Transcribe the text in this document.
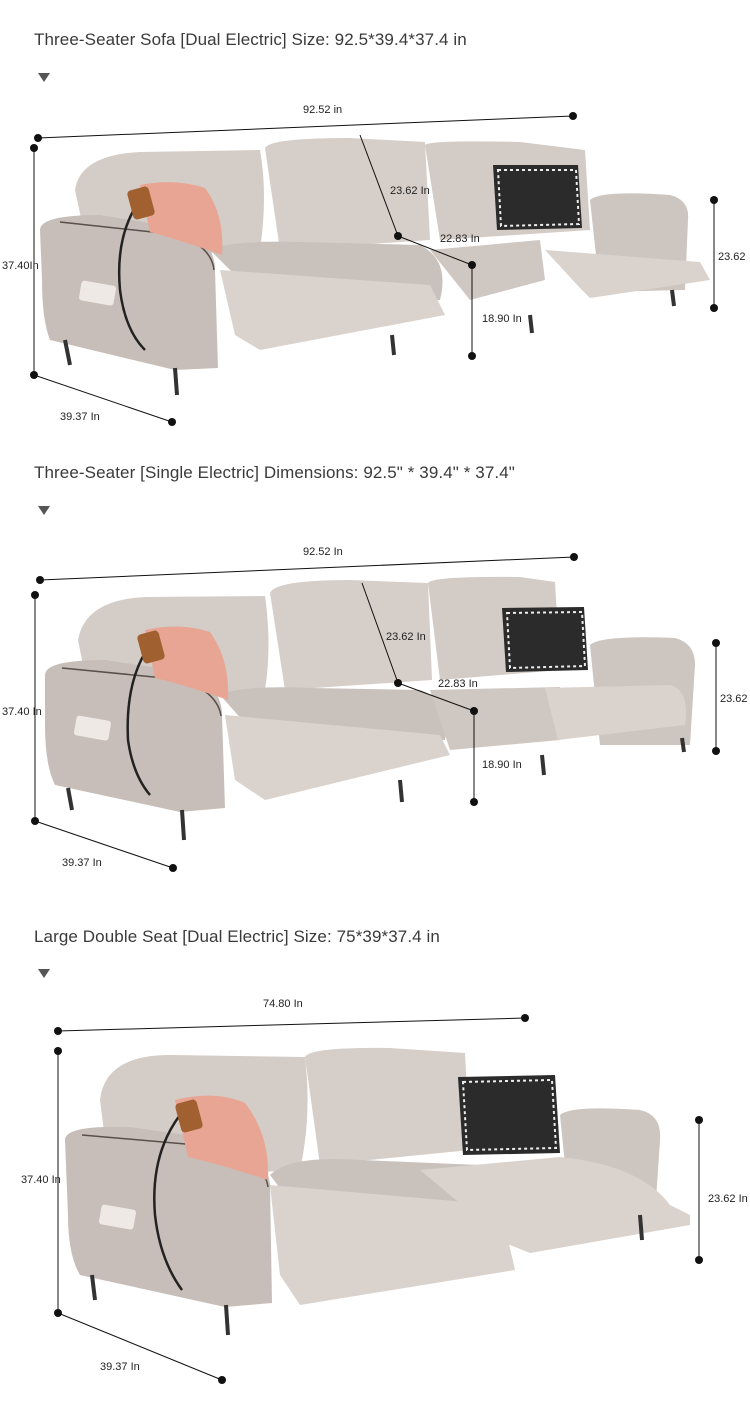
Three-Seater Sofa [Dual Electric] Size: 92.5*39.4*37.4 in
92.52 in
37.40In
39.37 In
23.62
23.62 In
22.83 In
18.90 In
Three-Seater [Single Electric] Dimensions: 92.5" * 39.4" * 37.4"
92.52 In
37.40 In
39.37 In
23.62
23.62 In
22.83 In
18.90 In
Large Double Seat [Dual Electric] Size: 75*39*37.4 in
74.80 In
37.40 In
39.37 In
23.62 In
